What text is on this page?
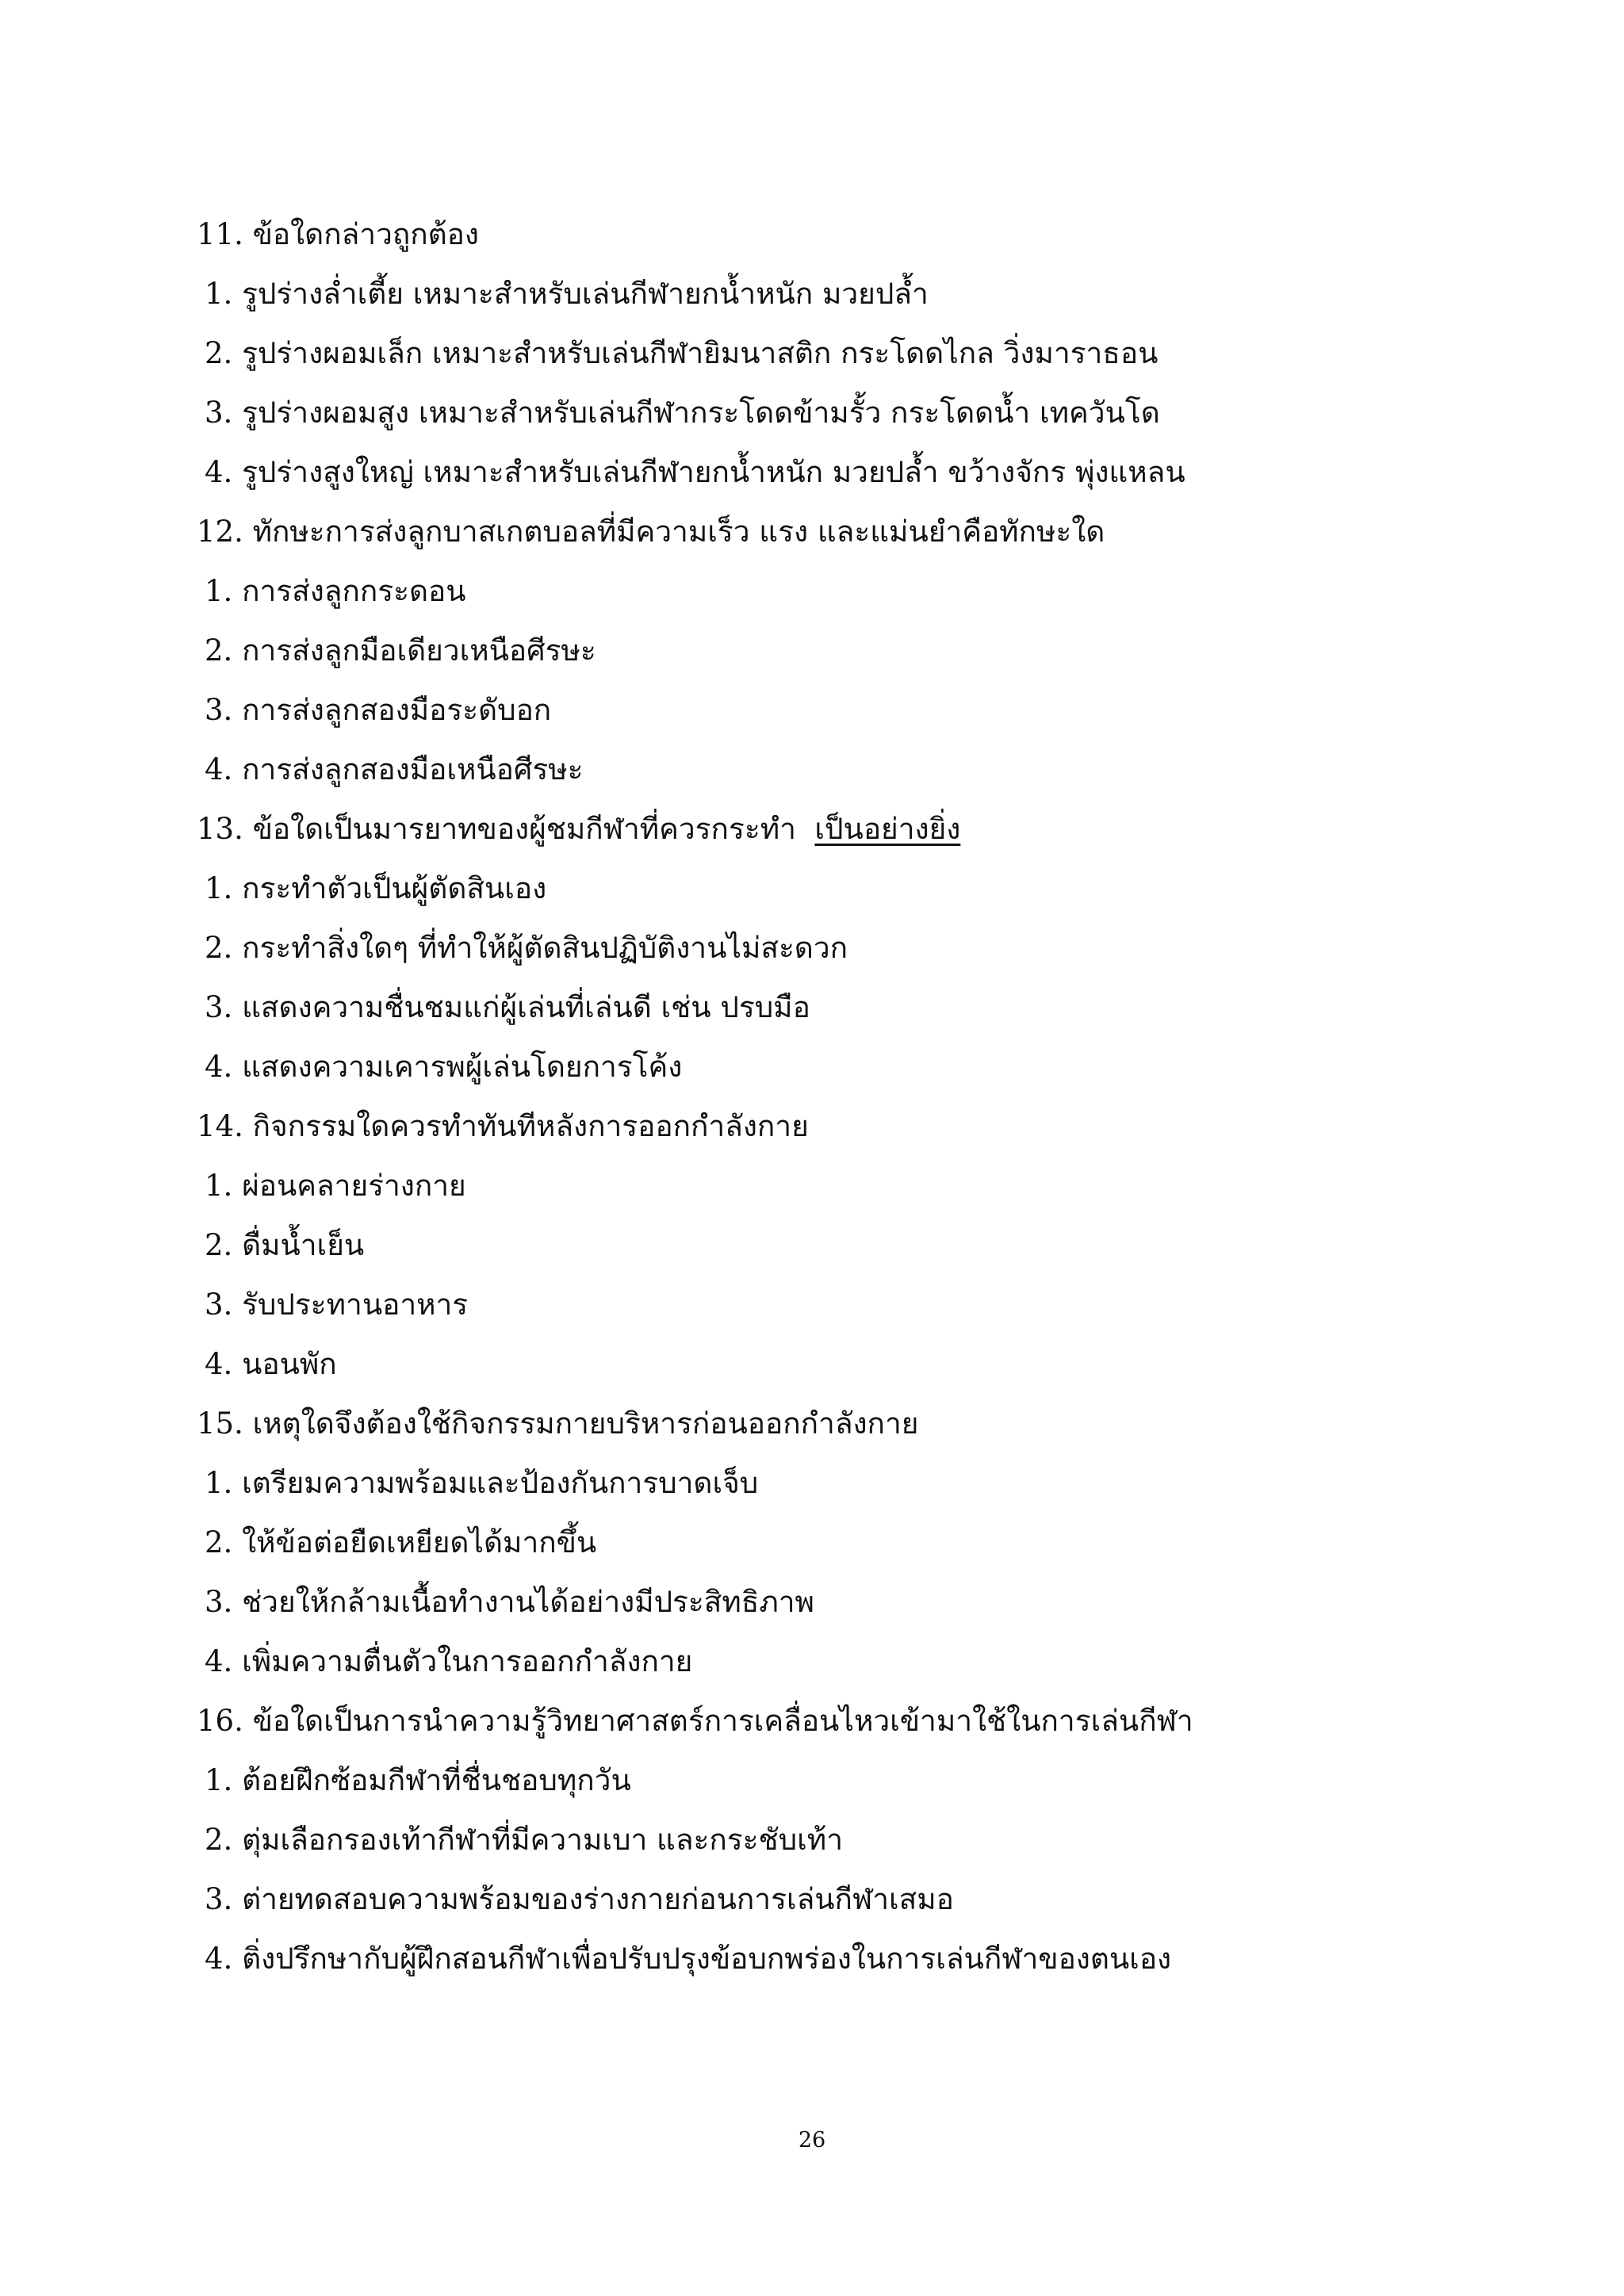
11. ข้อใดกล่าวถูกต้อง
1. รูปร่างล่ำเตี้ย เหมาะสำหรับเล่นกีฬายกน้ำหนัก มวยปล้ำ
2. รูปร่างผอมเล็ก เหมาะสำหรับเล่นกีฬายิมนาสติก กระโดดไกล วิ่งมาราธอน
3. รูปร่างผอมสูง เหมาะสำหรับเล่นกีฬากระโดดข้ามรั้ว กระโดดน้ำ เทควันโด
4. รูปร่างสูงใหญ่ เหมาะสำหรับเล่นกีฬายกน้ำหนัก มวยปล้ำ ขว้างจักร พุ่งแหลน
12. ทักษะการส่งลูกบาสเกตบอลที่มีความเร็ว แรง และแม่นยำคือทักษะใด
1. การส่งลูกกระดอน
2. การส่งลูกมือเดียวเหนือศีรษะ
3. การส่งลูกสองมือระดับอก
4. การส่งลูกสองมือเหนือศีรษะ
13. ข้อใดเป็นมารยาทของผู้ชมกีฬาที่ควรกระทำ เป็นอย่างยิ่ง
1. กระทำตัวเป็นผู้ตัดสินเอง
2. กระทำสิ่งใดๆ ที่ทำให้ผู้ตัดสินปฏิบัติงานไม่สะดวก
3. แสดงความชื่นชมแก่ผู้เล่นที่เล่นดี เช่น ปรบมือ
4. แสดงความเคารพผู้เล่นโดยการโค้ง
14. กิจกรรมใดควรทำทันทีหลังการออกกำลังกาย
1. ผ่อนคลายร่างกาย
2. ดื่มน้ำเย็น
3. รับประทานอาหาร
4. นอนพัก
15. เหตุใดจึงต้องใช้กิจกรรมกายบริหารก่อนออกกำลังกาย
1. เตรียมความพร้อมและป้องกันการบาดเจ็บ
2. ให้ข้อต่อยืดเหยียดได้มากขึ้น
3. ช่วยให้กล้ามเนื้อทำงานได้อย่างมีประสิทธิภาพ
4. เพิ่มความตื่นตัวในการออกกำลังกาย
16. ข้อใดเป็นการนำความรู้วิทยาศาสตร์การเคลื่อนไหวเข้ามาใช้ในการเล่นกีฬา
1. ต้อยฝึกซ้อมกีฬาที่ชื่นชอบทุกวัน
2. ตุ่มเลือกรองเท้ากีฬาที่มีความเบา และกระชับเท้า
3. ต่ายทดสอบความพร้อมของร่างกายก่อนการเล่นกีฬาเสมอ
4. ติ่งปรึกษากับผู้ฝึกสอนกีฬาเพื่อปรับปรุงข้อบกพร่องในการเล่นกีฬาของตนเอง
26
